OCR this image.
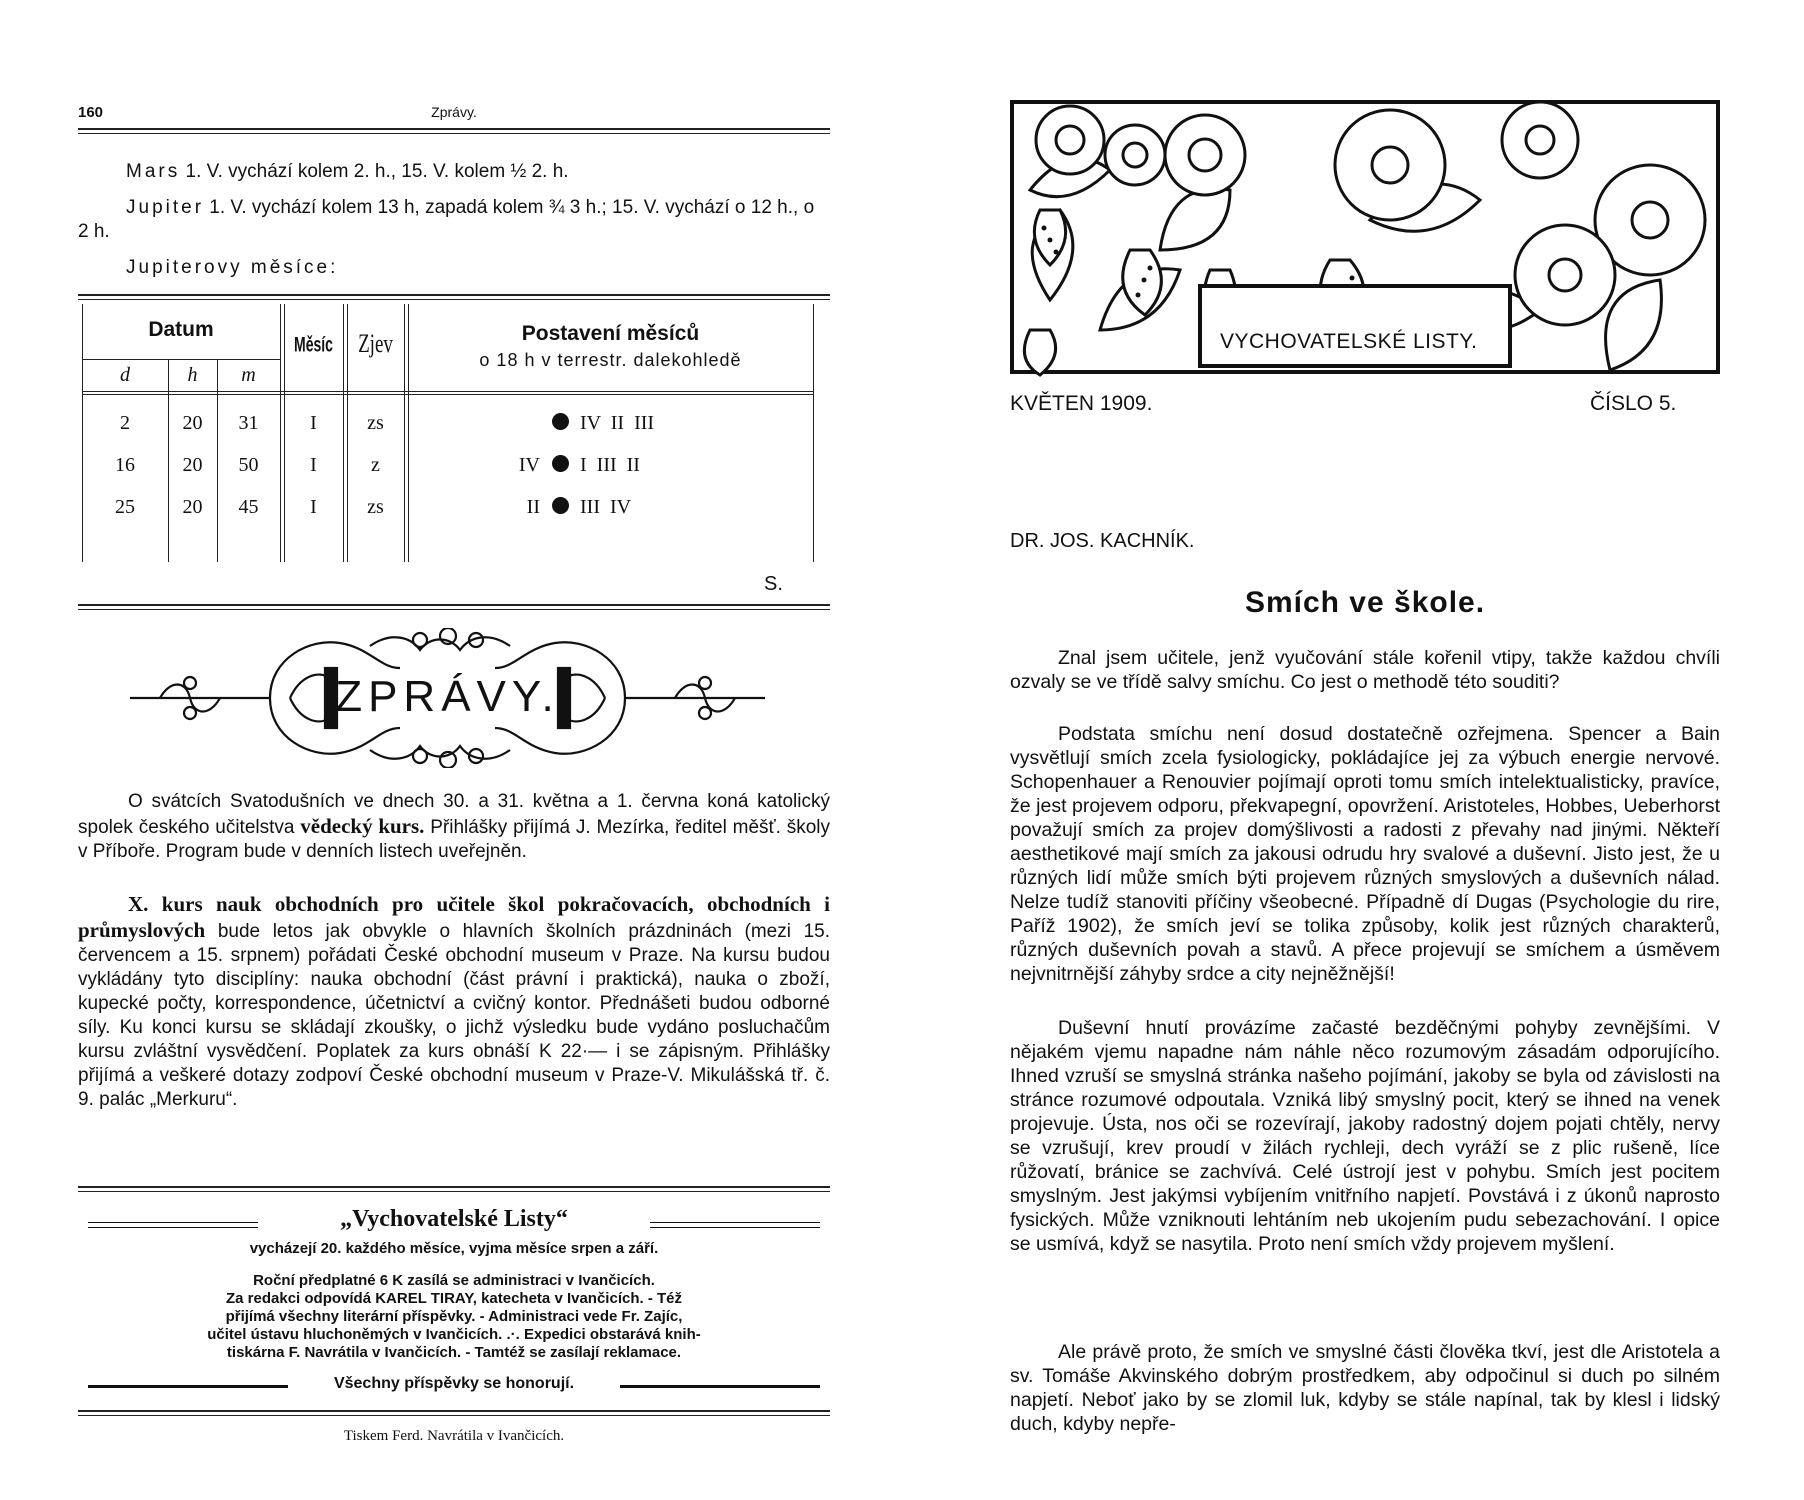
160	Zprávy.

Mars 1. V. vychází kolem 2. h., 15. V. kolem ½ 2. h.

Jupiter 1. V. vychází kolem 13 h, zapadá kolem ¾ 3 h.; 15. V. vychází o 12 h., o 2 h.

Jupiterovy měsíce:

Datum
d	h	m
Měsíc	Zjev	Postavení měsíců
o 18 h v terrestr. dalekohledě
2	20	31	I	zs	IV  II  III
16	20	50	I	z	IV I  III  II
25	20	45	I	zs	II III  IV
S.
ZPRÁVY.

O svátcích Svatodušních ve dnech 30. a 31. května a 1. června koná katolický spolek českého učitelstva vědecký kurs. Přihlášky přijímá J. Mezírka, ředitel měšť. školy v Příboře. Program bude v denních listech uveřejněn.

X. kurs nauk obchodních pro učitele škol pokračovacích, obchodních i průmyslových bude letos jak obvykle o hlavních školních prázdninách (mezi 15. červencem a 15. srpnem) pořádati České obchodní museum v Praze. Na kursu budou vykládány tyto disciplíny: nauka obchodní (část právní i praktická), nauka o zboží, kupecké počty, korrespondence, účetnictví a cvičný kontor. Přednášeti budou odborné síly. Ku konci kursu se skládají zkoušky, o jichž výsledku bude vydáno posluchačům kursu zvláštní vysvědčení. Poplatek za kurs obnáší K 22·— i se zápisným. Přihlášky přijímá a veškeré dotazy zodpoví České obchodní museum v Praze-V. Mikulášská tř. č. 9. palác „Merkuru“.

„Vychovatelské Listy“
vycházejí 20. každého měsíce, vyjma měsíce srpen a září.
Roční předplatné 6 K zasílá se administraci v Ivančicích.
Za redakci odpovídá KAREL TIRAY, katecheta v Ivančicích. - Též
přijímá všechny literární příspěvky. - Administraci vede Fr. Zajíc,
učitel ústavu hluchoněmých v Ivančicích. .·. Expedici obstarává knih-
tiskárna F. Navrátila v Ivančicích. - Tamtéž se zasílají reklamace.
Všechny příspěvky se honorují.
Tiskem Ferd. Navrátila v Ivančicích.
VYCHOVATELSKÉ LISTY.
KVĚTEN 1909.	ČÍSLO 5.
DR. JOS. KACHNÍK.
Smích ve škole.

Znal jsem učitele, jenž vyučování stále kořenil vtipy, takže každou chvíli ozvaly se ve třídě salvy smíchu. Co jest o methodě této souditi?

Podstata smíchu není dosud dostatečně ozřejmena. Spencer a Bain vysvětlují smích zcela fysiologicky, pokládajíce jej za výbuch energie nervové. Schopenhauer a Renouvier pojímají oproti tomu smích intelektualisticky, pravíce, že jest projevem odporu, překvapegní, opovržení. Aristoteles, Hobbes, Ueberhorst považují smích za projev domýšlivosti a radosti z převahy nad jinými. Někteří aesthetikové mají smích za jakousi odrudu hry svalové a duševní. Jisto jest, že u různých lidí může smích býti projevem různých smyslových a duševních nálad. Nelze tudíž stanoviti příčiny všeobecné. Případně dí Dugas (Psychologie du rire, Paříž 1902), že smích jeví se tolika způsoby, kolik jest různých charakterů, různých duševních povah a stavů. A přece projevují se smíchem a úsměvem nejvnitrnější záhyby srdce a city nejněžnější!

Duševní hnutí provázíme začasté bezděčnými pohyby zevnějšími. V nějakém vjemu napadne nám náhle něco rozumovým zásadám odporujícího. Ihned vzruší se smyslná stránka našeho pojímání, jakoby se byla od závislosti na stránce rozumové odpoutala. Vzniká libý smyslný pocit, který se ihned na venek projevuje. Ústa, nos oči se rozevírají, jakoby radostný dojem pojati chtěly, nervy se vzrušují, krev proudí v žilách rychleji, dech vyráží se z plic rušeně, líce růžovatí, bránice se zachvívá. Celé ústrojí jest v pohybu. Smích jest pocitem smyslným. Jest jakýmsi vybíjením vnitřního napjetí. Povstává i z úkonů naprosto fysických. Může vzniknouti lehtáním neb ukojením pudu sebezachování. I opice se usmívá, když se nasytila. Proto není smích vždy projevem myšlení.

Ale právě proto, že smích ve smyslné části člověka tkví, jest dle Aristotela a sv. Tomáše Akvinského dobrým prostředkem, aby odpočinul si duch po silném napjetí. Neboť jako by se zlomil luk, kdyby se stále napínal, tak by klesl i lidský duch, kdyby nepře-
